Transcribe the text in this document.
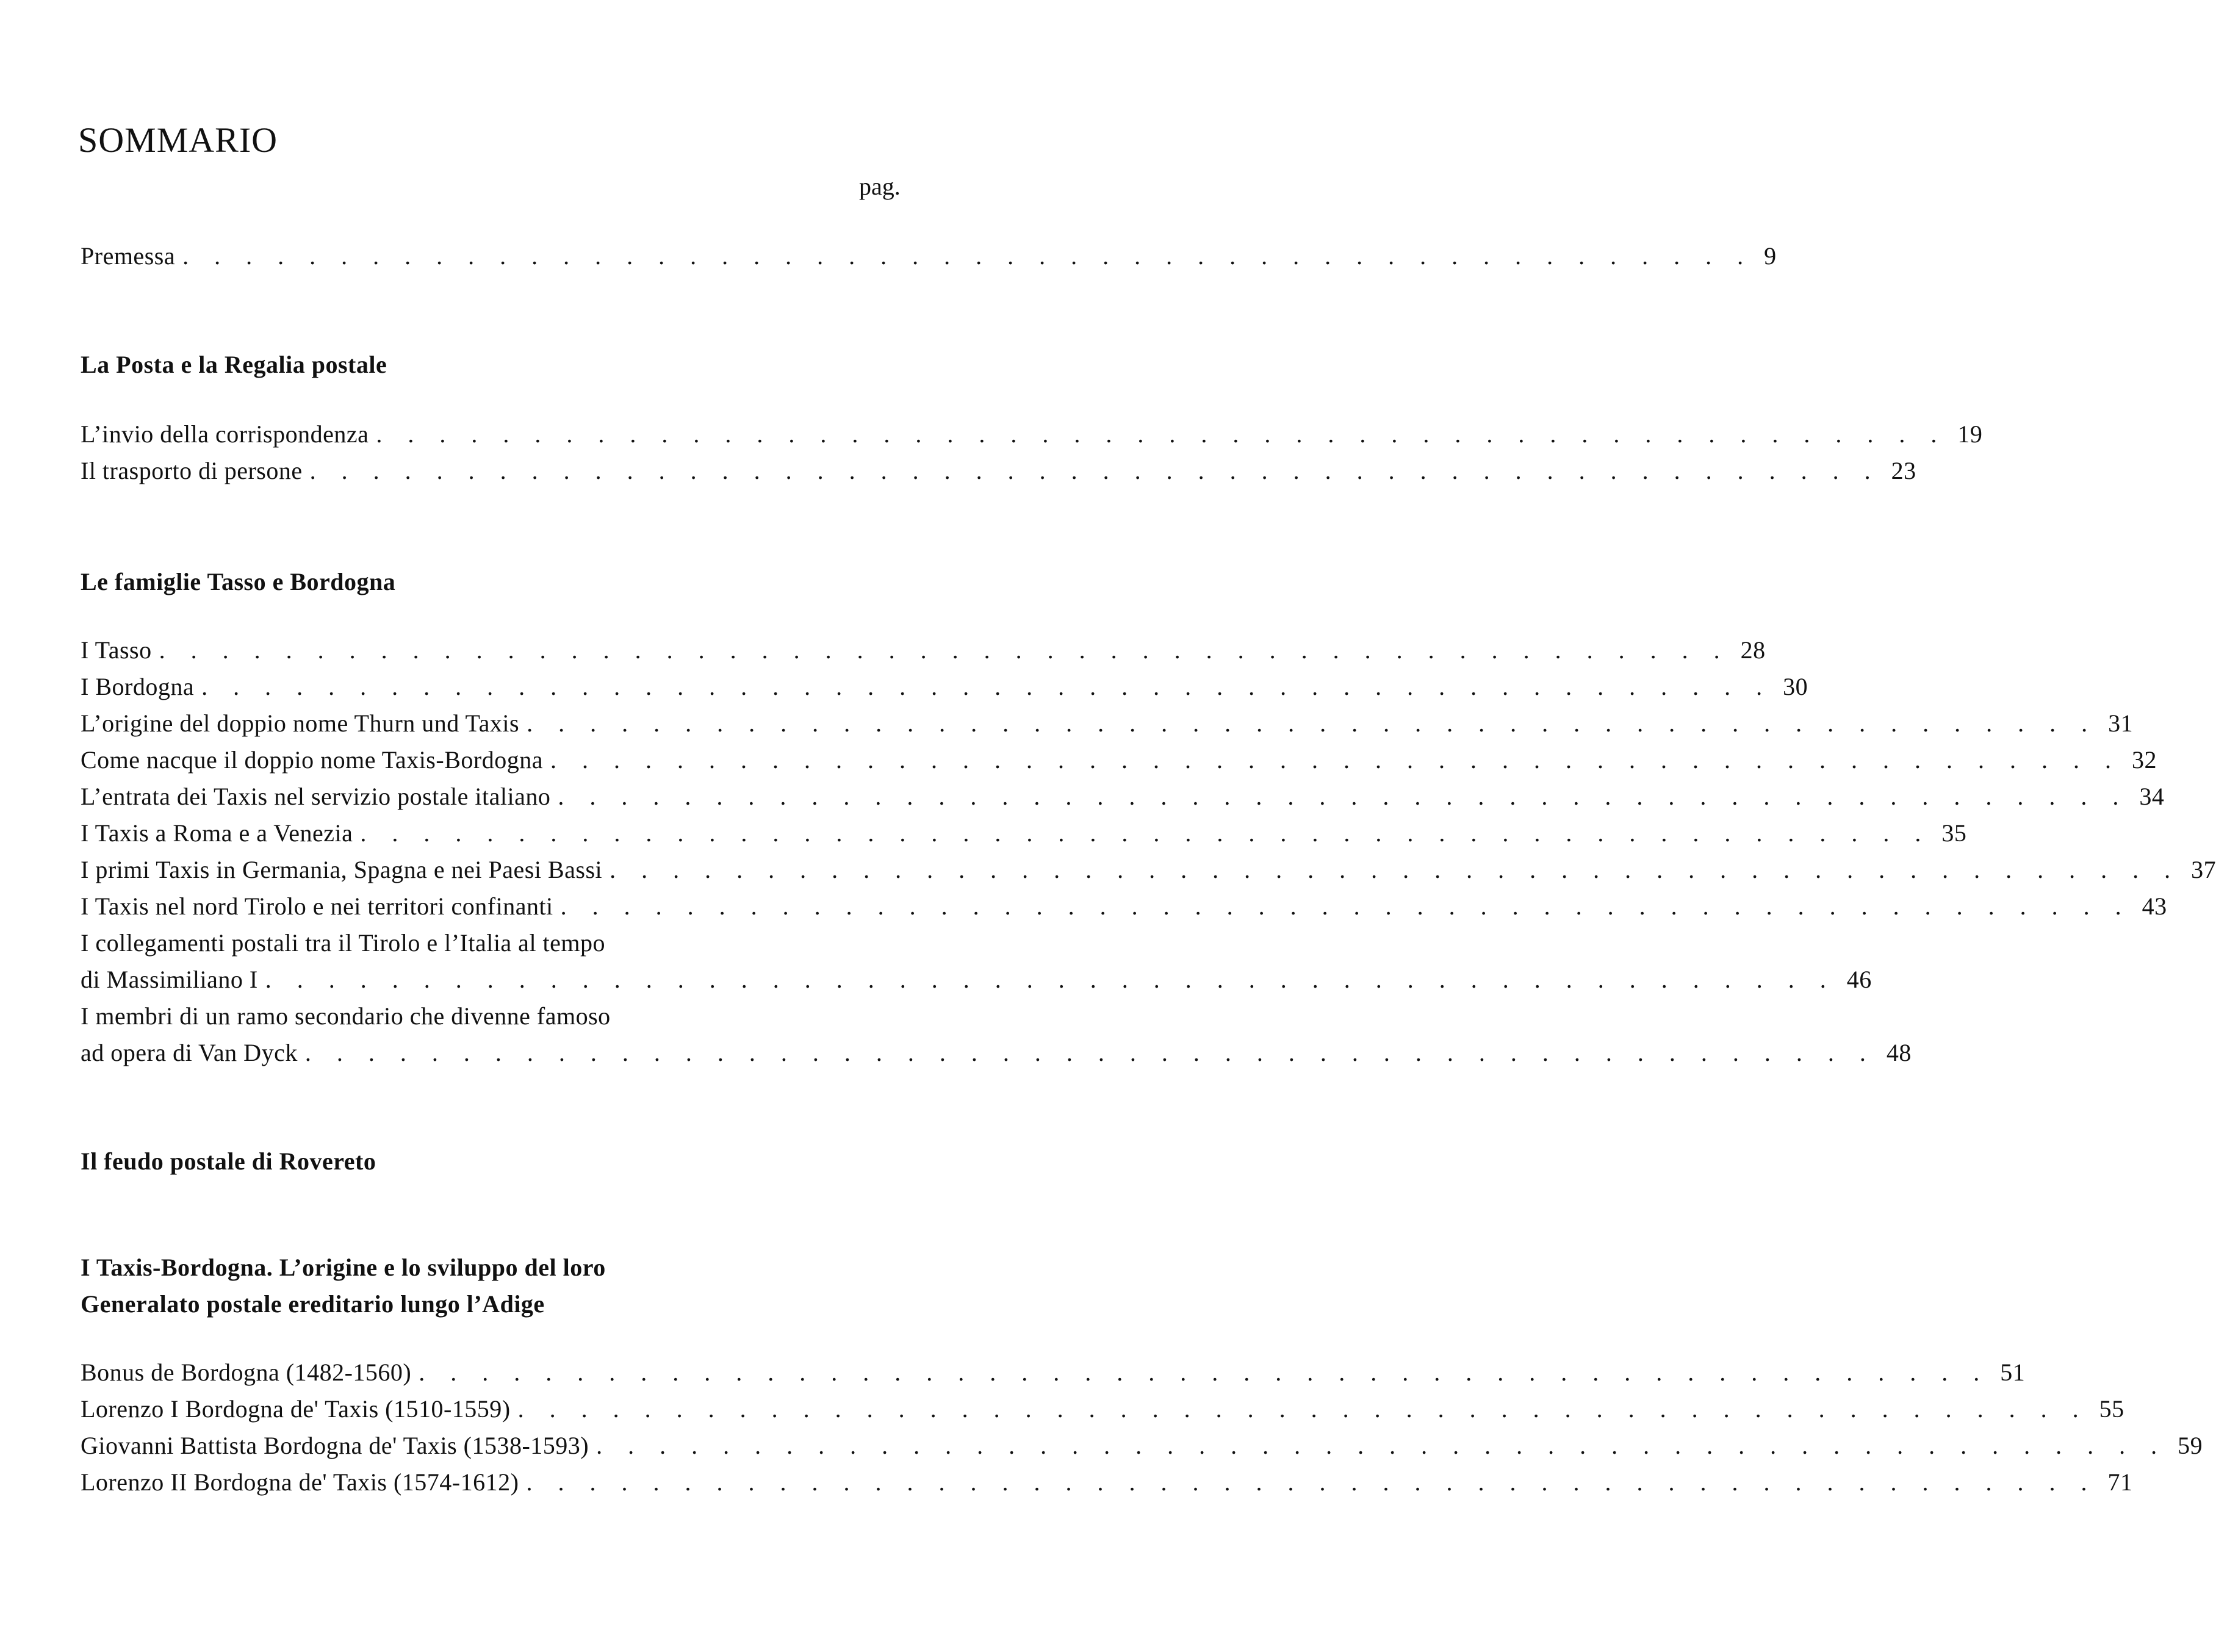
SOMMARIO
pag.
Premessa . . . . . . . . . . . . . . . . . . . . . . . . . . . . . . . . . . . . . . . . . . . . . . . . . . 9
La Posta e la Regalia postale
L’invio della corrispondenza . . . . . . . . . . . . . . . . . . . . . . . . . . . . . . . . . . . . . . . . . . . . . . . . . . 19
Il trasporto di persone . . . . . . . . . . . . . . . . . . . . . . . . . . . . . . . . . . . . . . . . . . . . . . . . . . 23
Le famiglie Tasso e Bordogna
I Tasso . . . . . . . . . . . . . . . . . . . . . . . . . . . . . . . . . . . . . . . . . . . . . . . . . . 28
I Bordogna . . . . . . . . . . . . . . . . . . . . . . . . . . . . . . . . . . . . . . . . . . . . . . . . . . 30
L’origine del doppio nome Thurn und Taxis . . . . . . . . . . . . . . . . . . . . . . . . . . . . . . . . . . . . . . . . . . . . . . . . . . 31
Come nacque il doppio nome Taxis-Bordogna . . . . . . . . . . . . . . . . . . . . . . . . . . . . . . . . . . . . . . . . . . . . . . . . . . 32
L’entrata dei Taxis nel servizio postale italiano . . . . . . . . . . . . . . . . . . . . . . . . . . . . . . . . . . . . . . . . . . . . . . . . . . 34
I Taxis a Roma e a Venezia . . . . . . . . . . . . . . . . . . . . . . . . . . . . . . . . . . . . . . . . . . . . . . . . . . 35
I primi Taxis in Germania, Spagna e nei Paesi Bassi . . . . . . . . . . . . . . . . . . . . . . . . . . . . . . . . . . . . . . . . . . . . . . . . . . 37
I Taxis nel nord Tirolo e nei territori confinanti . . . . . . . . . . . . . . . . . . . . . . . . . . . . . . . . . . . . . . . . . . . . . . . . . . 43
I collegamenti postali tra il Tirolo e l’Italia al tempo
di Massimiliano I . . . . . . . . . . . . . . . . . . . . . . . . . . . . . . . . . . . . . . . . . . . . . . . . . . 46
I membri di un ramo secondario che divenne famoso
ad opera di Van Dyck . . . . . . . . . . . . . . . . . . . . . . . . . . . . . . . . . . . . . . . . . . . . . . . . . . 48
Il feudo postale di Rovereto
I Taxis-Bordogna. L’origine e lo sviluppo del loro
Generalato postale ereditario lungo l’Adige
Bonus de Bordogna (1482-1560) . . . . . . . . . . . . . . . . . . . . . . . . . . . . . . . . . . . . . . . . . . . . . . . . . . 51
Lorenzo I Bordogna de' Taxis (1510-1559) . . . . . . . . . . . . . . . . . . . . . . . . . . . . . . . . . . . . . . . . . . . . . . . . . . 55
Giovanni Battista Bordogna de' Taxis (1538-1593) . . . . . . . . . . . . . . . . . . . . . . . . . . . . . . . . . . . . . . . . . . . . . . . . . . 59
Lorenzo II Bordogna de' Taxis (1574-1612) . . . . . . . . . . . . . . . . . . . . . . . . . . . . . . . . . . . . . . . . . . . . . . . . . . 71
